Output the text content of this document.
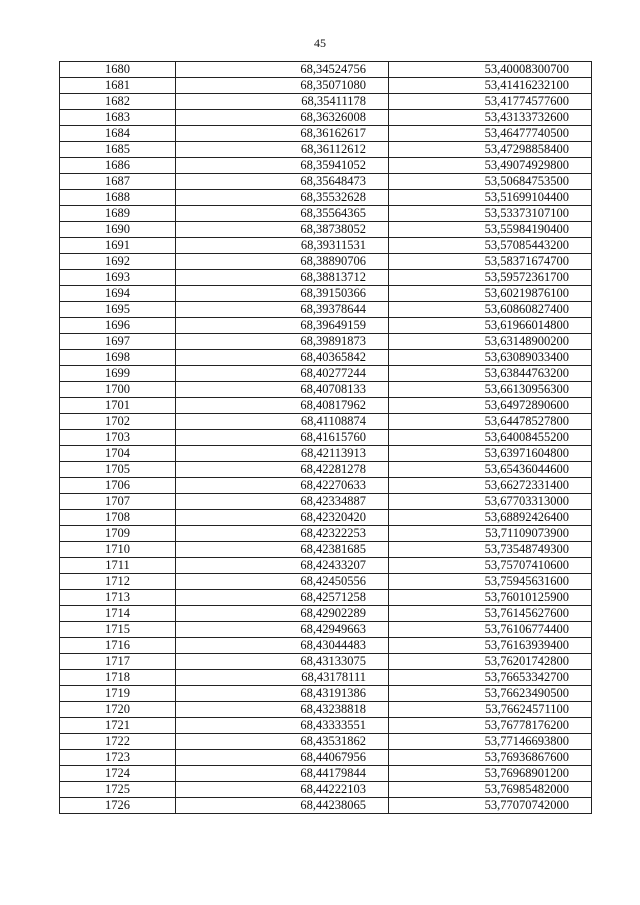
45
1680	68,34524756	53,40008300700
1681	68,35071080	53,41416232100
1682	68,35411178	53,41774577600
1683	68,36326008	53,43133732600
1684	68,36162617	53,46477740500
1685	68,36112612	53,47298858400
1686	68,35941052	53,49074929800
1687	68,35648473	53,50684753500
1688	68,35532628	53,51699104400
1689	68,35564365	53,53373107100
1690	68,38738052	53,55984190400
1691	68,39311531	53,57085443200
1692	68,38890706	53,58371674700
1693	68,38813712	53,59572361700
1694	68,39150366	53,60219876100
1695	68,39378644	53,60860827400
1696	68,39649159	53,61966014800
1697	68,39891873	53,63148900200
1698	68,40365842	53,63089033400
1699	68,40277244	53,63844763200
1700	68,40708133	53,66130956300
1701	68,40817962	53,64972890600
1702	68,41108874	53,64478527800
1703	68,41615760	53,64008455200
1704	68,42113913	53,63971604800
1705	68,42281278	53,65436044600
1706	68,42270633	53,66272331400
1707	68,42334887	53,67703313000
1708	68,42320420	53,68892426400
1709	68,42322253	53,71109073900
1710	68,42381685	53,73548749300
1711	68,42433207	53,75707410600
1712	68,42450556	53,75945631600
1713	68,42571258	53,76010125900
1714	68,42902289	53,76145627600
1715	68,42949663	53,76106774400
1716	68,43044483	53,76163939400
1717	68,43133075	53,76201742800
1718	68,43178111	53,76653342700
1719	68,43191386	53,76623490500
1720	68,43238818	53,76624571100
1721	68,43333551	53,76778176200
1722	68,43531862	53,77146693800
1723	68,44067956	53,76936867600
1724	68,44179844	53,76968901200
1725	68,44222103	53,76985482000
1726	68,44238065	53,77070742000
